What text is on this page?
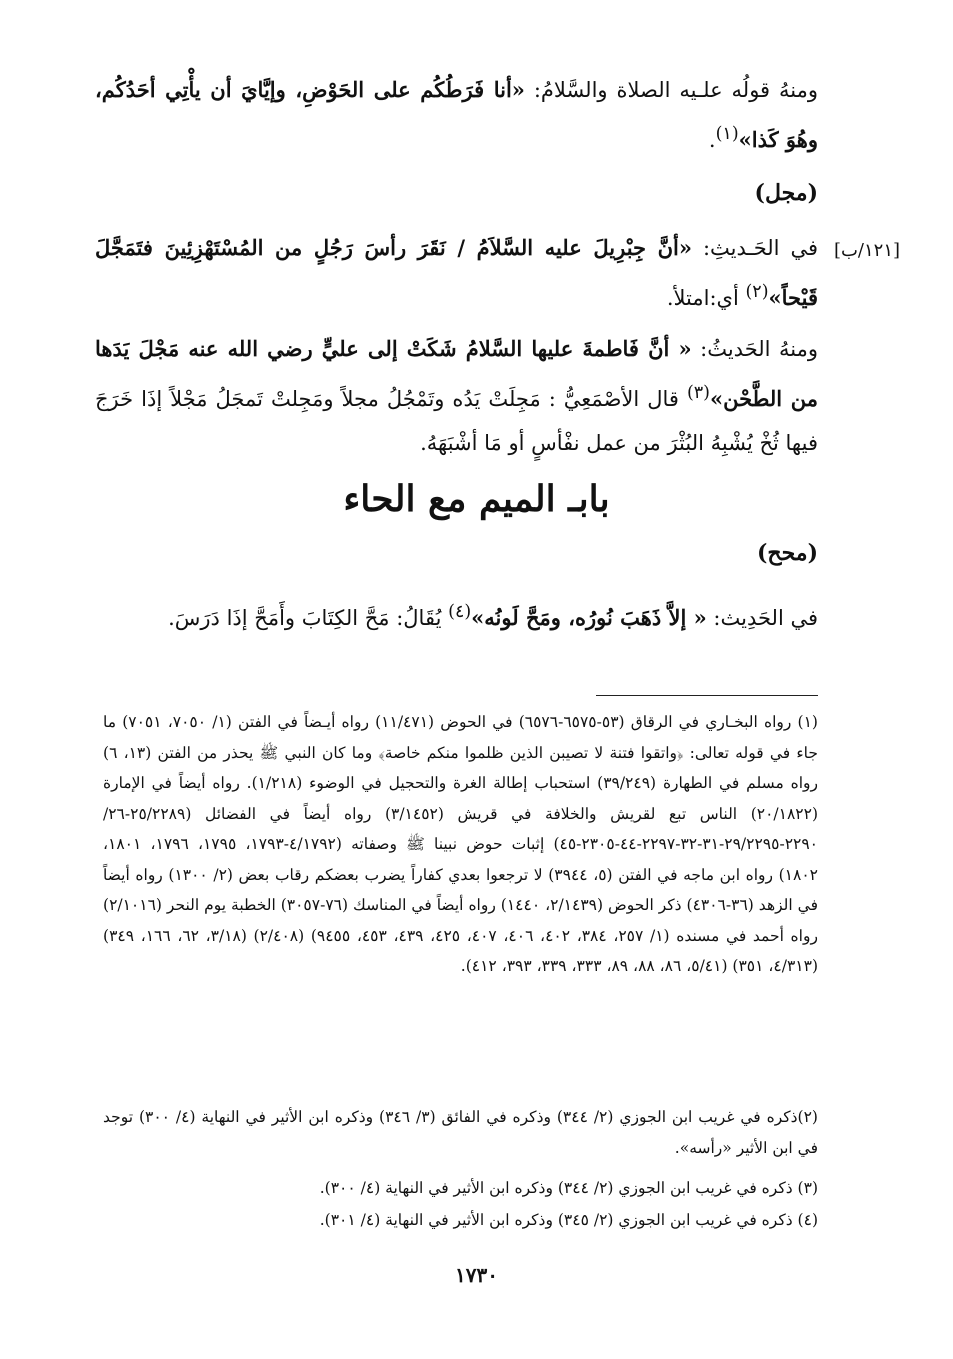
ومنهُ قولُه علـيه الصلاة والسَّلامُ: «أنا فَرَطُكُم على الحَوْضِ، وإيَّايَ أن يأْتِي أحَدُكُم، وهُوَ كَذا»$^{(١)}$.

(مجل)
[١٢١/ب]

في الحَـديثِ: «أنَّ جِبْرِيلَ عليه السَّلاَمُ / نَقَرَ رأسَ رَجُلٍ من المُسْتَهْزِئِينَ فتَمَجَّلَ قَيْحاً»$^{(٢)}$ أي:امتلأ.

ومنهُ الحَديثُ: « أنَّ فَاطمةَ عليها السَّلامُ شَكَتْ إلى عليٍّ رضي الله عنه مَجْلَ يَدَها من الطَّحْن»$^{(٣)}$ قال الأصْمَعِيُّ : مَجِلَتْ يَدُه وتَمْجُلُ مجلاً ومَجِلتْ تَمجَلُ مَجْلاً إذَا خَرَجَ فيها ثُخْ يُشْبِهُ البُثْرَ من عمل نفْأسٍ أو مَا أشْبَهَهُ.

بابـ الميم مع الحاء
(محح)

في الحَدِيث: « إلاَّ ذَهَبَ نُورُه، ومَحَّ لَونُه»$^{(٤)}$ يُقَالُ: مَحَّ الكِتَابَ وأَمَحَّ إذَا دَرَسَ.

(١) رواه البخـاري في الرقاق (٥٣-٦٥٧٥-٦٥٧٦) في الحوض (١١/٤٧١) رواه أيـضاً في الفتن (١/ ٧٠٥٠، ٧٠٥١) ما جاء في قوله تعالى: ﴿واتقوا فتنة لا تصيبن الذين ظلموا منكم خاصة﴾ وما كان النبي ﷺ يحذر من الفتن (١٣، ٦) رواه مسلم في الطهارة (٣٩/٢٤٩) استحباب إطالة الغرة والتحجيل في الوضوء (١/٢١٨). رواه أيضاً في الإمارة (٢٠/١٨٢٢) الناس تبع لقريش والخلافة في قريش (٣/١٤٥٢) رواه أيضاً في الفضائل (٢٥/٢٢٨٩-٢٦/ ٢٢٩٠-٢٩/٢٢٩٥-٣١-٣٢-٢٢٩٧-٤٤-٢٣٠٥-٤٥) إثبات حوض نبينا ﷺ وصفاته (٤/١٧٩٢-١٧٩٣، ١٧٩٥، ١٧٩٦، ١٨٠١، ١٨٠٢) رواه ابن ماجه في الفتن (٥، ٣٩٤٤) لا ترجعوا بعدي كفاراً يضرب بعضكم رقاب بعض (٢/ ١٣٠٠) رواه أيضاً في الزهد (٣٦-٤٣٠٦) ذكر الحوض (٢/١٤٣٩، ١٤٤٠) رواه أيضاً في المناسك (٧٦-٣٠٥٧) الخطبة يوم النحر (٢/١٠١٦) رواه أحمد في مسنده (١/ ٢٥٧، ٣٨٤، ٤٠٢، ٤٠٦، ٤٠٧، ٤٢٥، ٤٣٩، ٤٥٣، ٩٤٥٥) (٢/٤٠٨) (٣/١٨، ٦٢، ١٦٦، ٣٤٩) (٤/٣١٣، ٣٥١) (٥/٤١، ٨٦، ٨٨، ٨٩، ٣٣٣، ٣٣٩، ٣٩٣، ٤١٢).

(٢)ذكره في غريب ابن الجوزي (٢/ ٣٤٤) وذكره في الفائق (٣/ ٣٤٦) وذكره ابن الأثير في النهاية (٤/ ٣٠٠) توجد في ابن الأثير «رأسه».

(٣) ذكره في غريب ابن الجوزي (٢/ ٣٤٤) وذكره ابن الأثير في النهاية (٤/ ٣٠٠).

(٤) ذكره في غريب ابن الجوزي (٢/ ٣٤٥) وذكره ابن الأثير في النهاية (٤/ ٣٠١).

١٧٣٠
